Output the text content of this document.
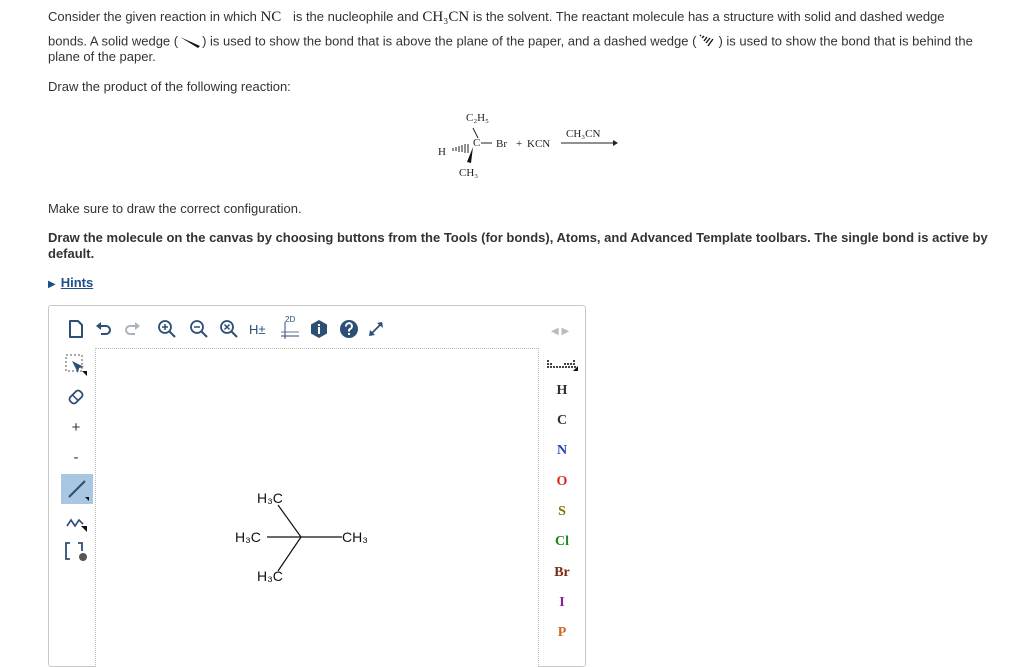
Consider the given reaction in which NC is the nucleophile and CH₃CN is the solvent. The reactant molecule has a structure with solid and dashed wedge
bonds. A solid wedge ( ) is used to show the bond that is above the plane of the paper, and a dashed wedge ( ) is used to show the bond that is behind the
plane of the paper.
Draw the product of the following reaction:
C₂H₅
H
C Br + KCN
CH₃
CH₃CN
Make sure to draw the correct configuration.
Draw the molecule on the canvas by choosing buttons from the Tools (for bonds), Atoms, and Advanced Template toolbars. The single bond is active by default.
▶ Hints
H±
2D
+
-
H₃C
H₃C	CH₃
H₃C
◀ ▶
H
C
N
O
S
Cl
Br
I
P
